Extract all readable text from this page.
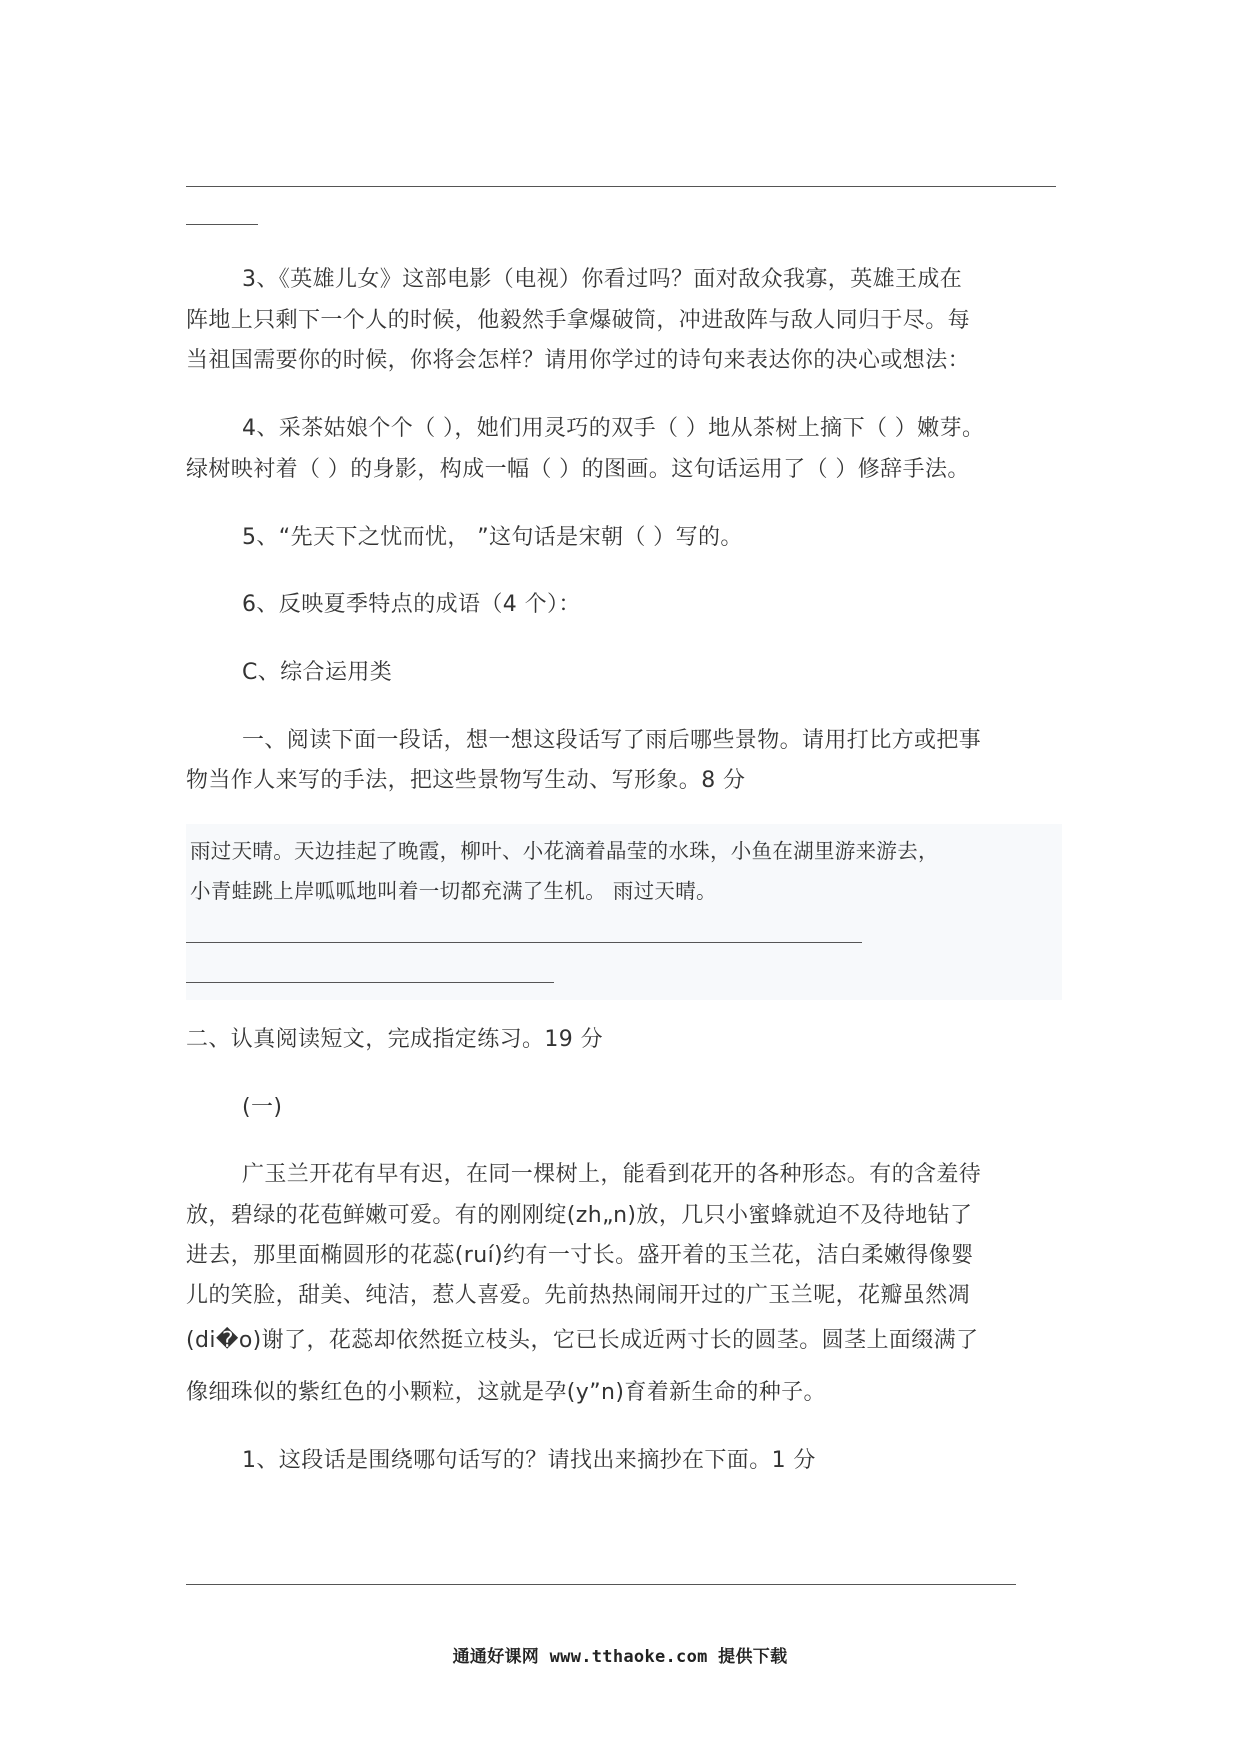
3、《英雄儿女》这部电影（电视）你看过吗？面对敌众我寡，英雄王成在
阵地上只剩下一个人的时候，他毅然手拿爆破筒，冲进敌阵与敌人同归于尽。每
当祖国需要你的时候，你将会怎样？请用你学过的诗句来表达你的决心或想法：
4、采茶姑娘个个（ ），她们用灵巧的双手（ ）地从茶树上摘下（ ）嫩芽。
绿树映衬着（ ）的身影，构成一幅（ ）的图画。这句话运用了（ ）修辞手法。
5、“先天下之忧而忧， ”这句话是宋朝（ ）写的。
6、反映夏季特点的成语（4 个）：
C、综合运用类
一、阅读下面一段话，想一想这段话写了雨后哪些景物。请用打比方或把事
物当作人来写的手法，把这些景物写生动、写形象。8 分
雨过天晴。天边挂起了晚霞，柳叶、小花滴着晶莹的水珠，小鱼在湖里游来游去，
小青蛙跳上岸呱呱地叫着一切都充满了生机。 雨过天晴。
二、认真阅读短文，完成指定练习。19 分
(一)
广玉兰开花有早有迟，在同一棵树上，能看到花开的各种形态。有的含羞待
放，碧绿的花苞鲜嫩可爱。有的刚刚绽(zh„n)放，几只小蜜蜂就迫不及待地钻了
进去，那里面椭圆形的花蕊(ruí)约有一寸长。盛开着的玉兰花，洁白柔嫩得像婴
儿的笑脸，甜美、纯洁，惹人喜爱。先前热热闹闹开过的广玉兰呢，花瓣虽然凋
(di�o)谢了，花蕊却依然挺立枝头，它已长成近两寸长的圆茎。圆茎上面缀满了
像细珠似的紫红色的小颗粒，这就是孕(y”n)育着新生命的种子。
1、这段话是围绕哪句话写的？请找出来摘抄在下面。1 分
通通好课网 www.tthaoke.com 提供下载
